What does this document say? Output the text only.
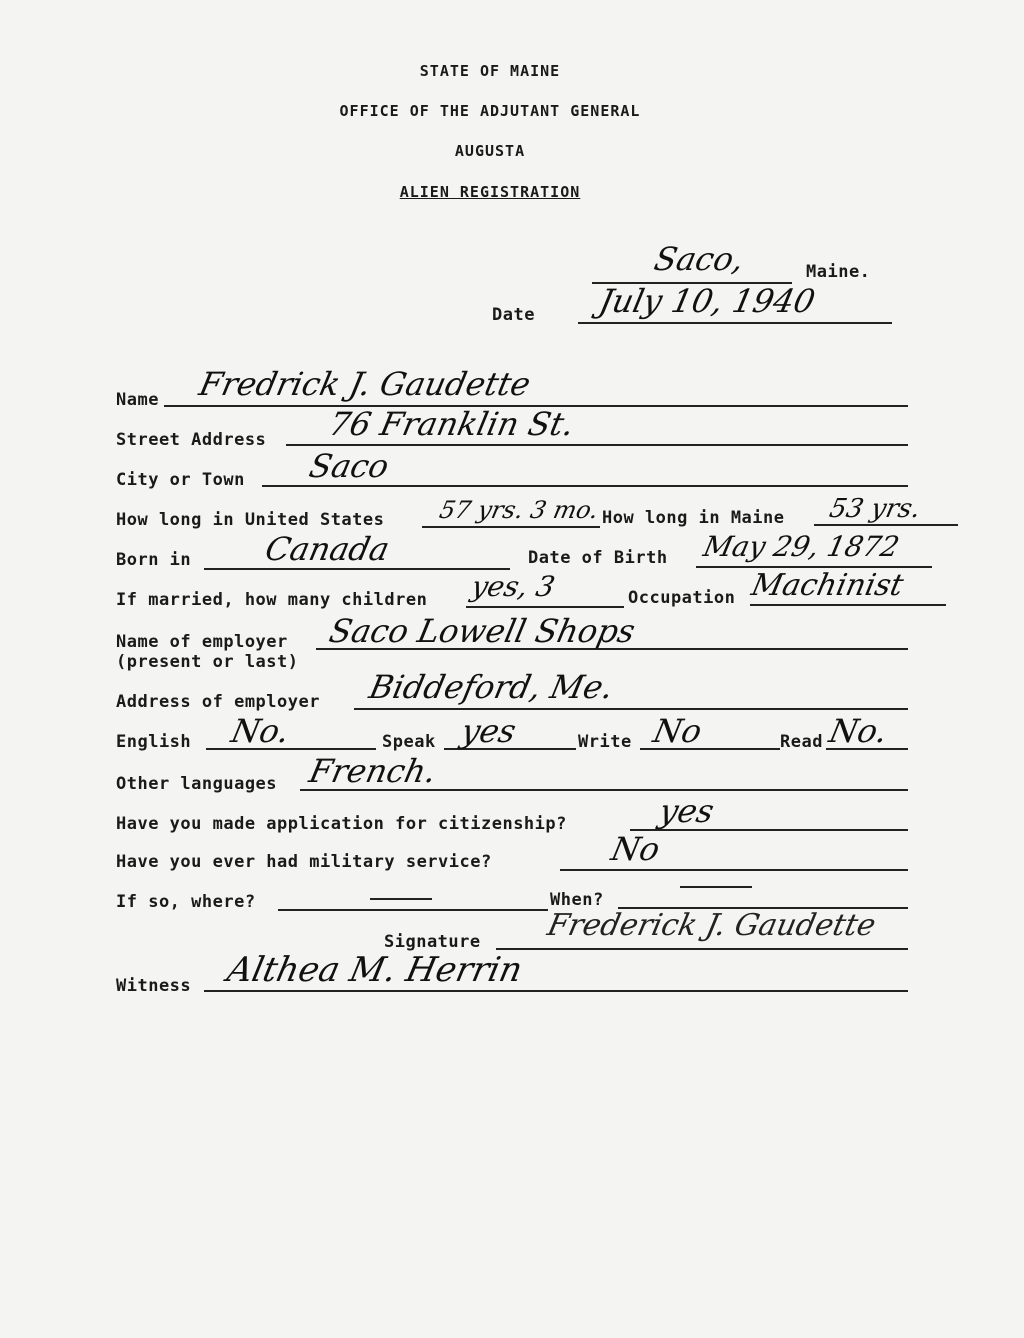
STATE OF MAINE
OFFICE OF THE ADJUTANT GENERAL
AUGUSTA
ALIEN REGISTRATION
Saco,	Maine.
Date July 10, 1940
Name Fredrick J. Gaudette
Street Address 76 Franklin St.
City or Town Saco
How long in United States 57 yrs. 3 mo. How long in Maine 53 yrs.
Born in Canada	Date of Birth May 29, 1872
If married, how many children yes, 3	Occupation Machinist
Name of employer
(present or last)
Saco Lowell Shops
Address of employer Biddeford, Me.
English No.	Speak yes	Write No	Read No.
Other languages French.
Have you made application for citizenship?	yes
Have you ever had military service?	No
If so, where?	When?
Signature Frederick J. Gaudette
Witness Althea M. Herrin
